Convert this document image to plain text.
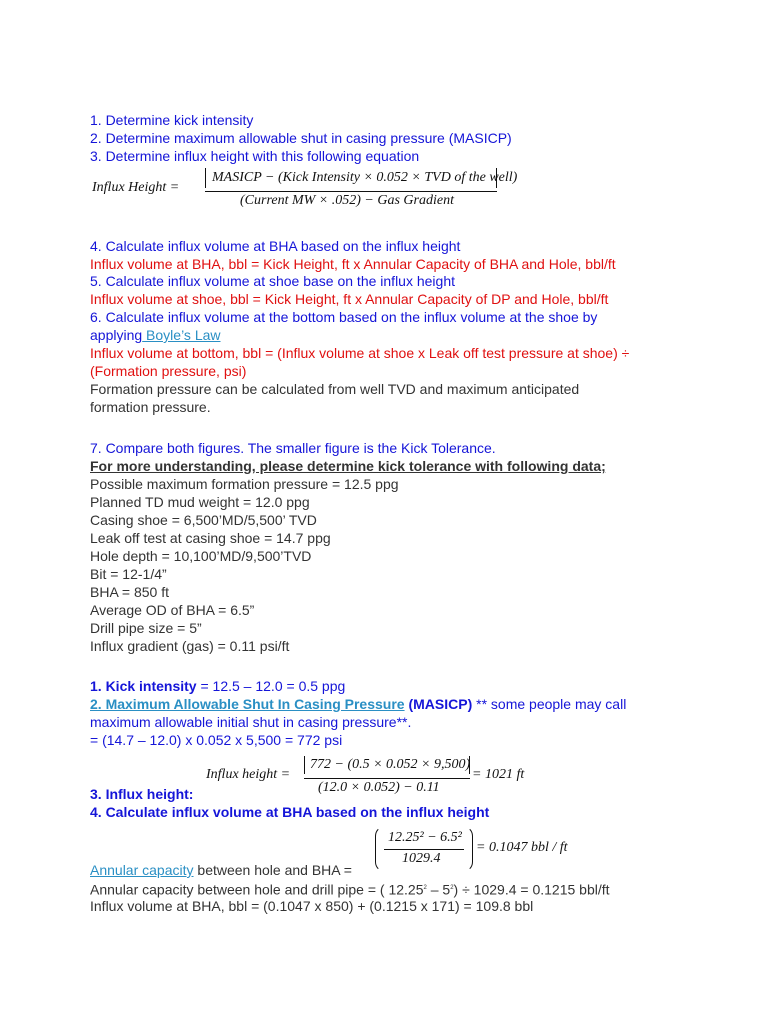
1. Determine kick intensity
2. Determine maximum allowable shut in casing pressure (MASICP)
3. Determine influx height with this following equation
Influx Height =
MASICP − (Kick Intensity × 0.052 × TVD of the well)
(Current MW × .052) − Gas Gradient
4. Calculate influx volume at BHA based on the influx height
Influx volume at BHA, bbl = Kick Height, ft x Annular Capacity of BHA and Hole, bbl/ft
5. Calculate influx volume at shoe base on the influx height
Influx volume at shoe, bbl = Kick Height, ft x Annular Capacity of DP and Hole, bbl/ft
6. Calculate influx volume at the bottom based on the influx volume at the shoe by
applying Boyle’s Law
Influx volume at bottom, bbl = (Influx volume at shoe x Leak off test pressure at shoe) ÷
(Formation pressure, psi)
Formation pressure can be calculated from well TVD and maximum anticipated
formation pressure.
7. Compare both figures. The smaller figure is the Kick Tolerance.
For more understanding, please determine kick tolerance with following data;
Possible maximum formation pressure = 12.5 ppg
Planned TD mud weight = 12.0 ppg
Casing shoe = 6,500’MD/5,500’ TVD
Leak off test at casing shoe = 14.7 ppg
Hole depth = 10,100’MD/9,500’TVD
Bit = 12-1/4”
BHA = 850 ft
Average OD of BHA = 6.5”
Drill pipe size = 5”
Influx gradient (gas) = 0.11 psi/ft
1. Kick intensity = 12.5 – 12.0 = 0.5 ppg
2. Maximum Allowable Shut In Casing Pressure (MASICP) ** some people may call
maximum allowable initial shut in casing pressure**.
= (14.7 – 12.0) x 0.052 x 5,500 = 772 psi
Influx height =
772 − (0.5 × 0.052 × 9,500)
(12.0 × 0.052) − 0.11
= 1021 ft
3. Influx height:
4. Calculate influx volume at BHA based on the influx height
12.25² − 6.5²
1029.4
= 0.1047 bbl / ft
Annular capacity between hole and BHA =
Annular capacity between hole and drill pipe = ( $12.25^2 - 5^2) \div 1029.4 = 0.1215$ bbl/ft
Influx volume at BHA, bbl = (0.1047 x 850) + (0.1215 x 171) = 109.8 bbl
